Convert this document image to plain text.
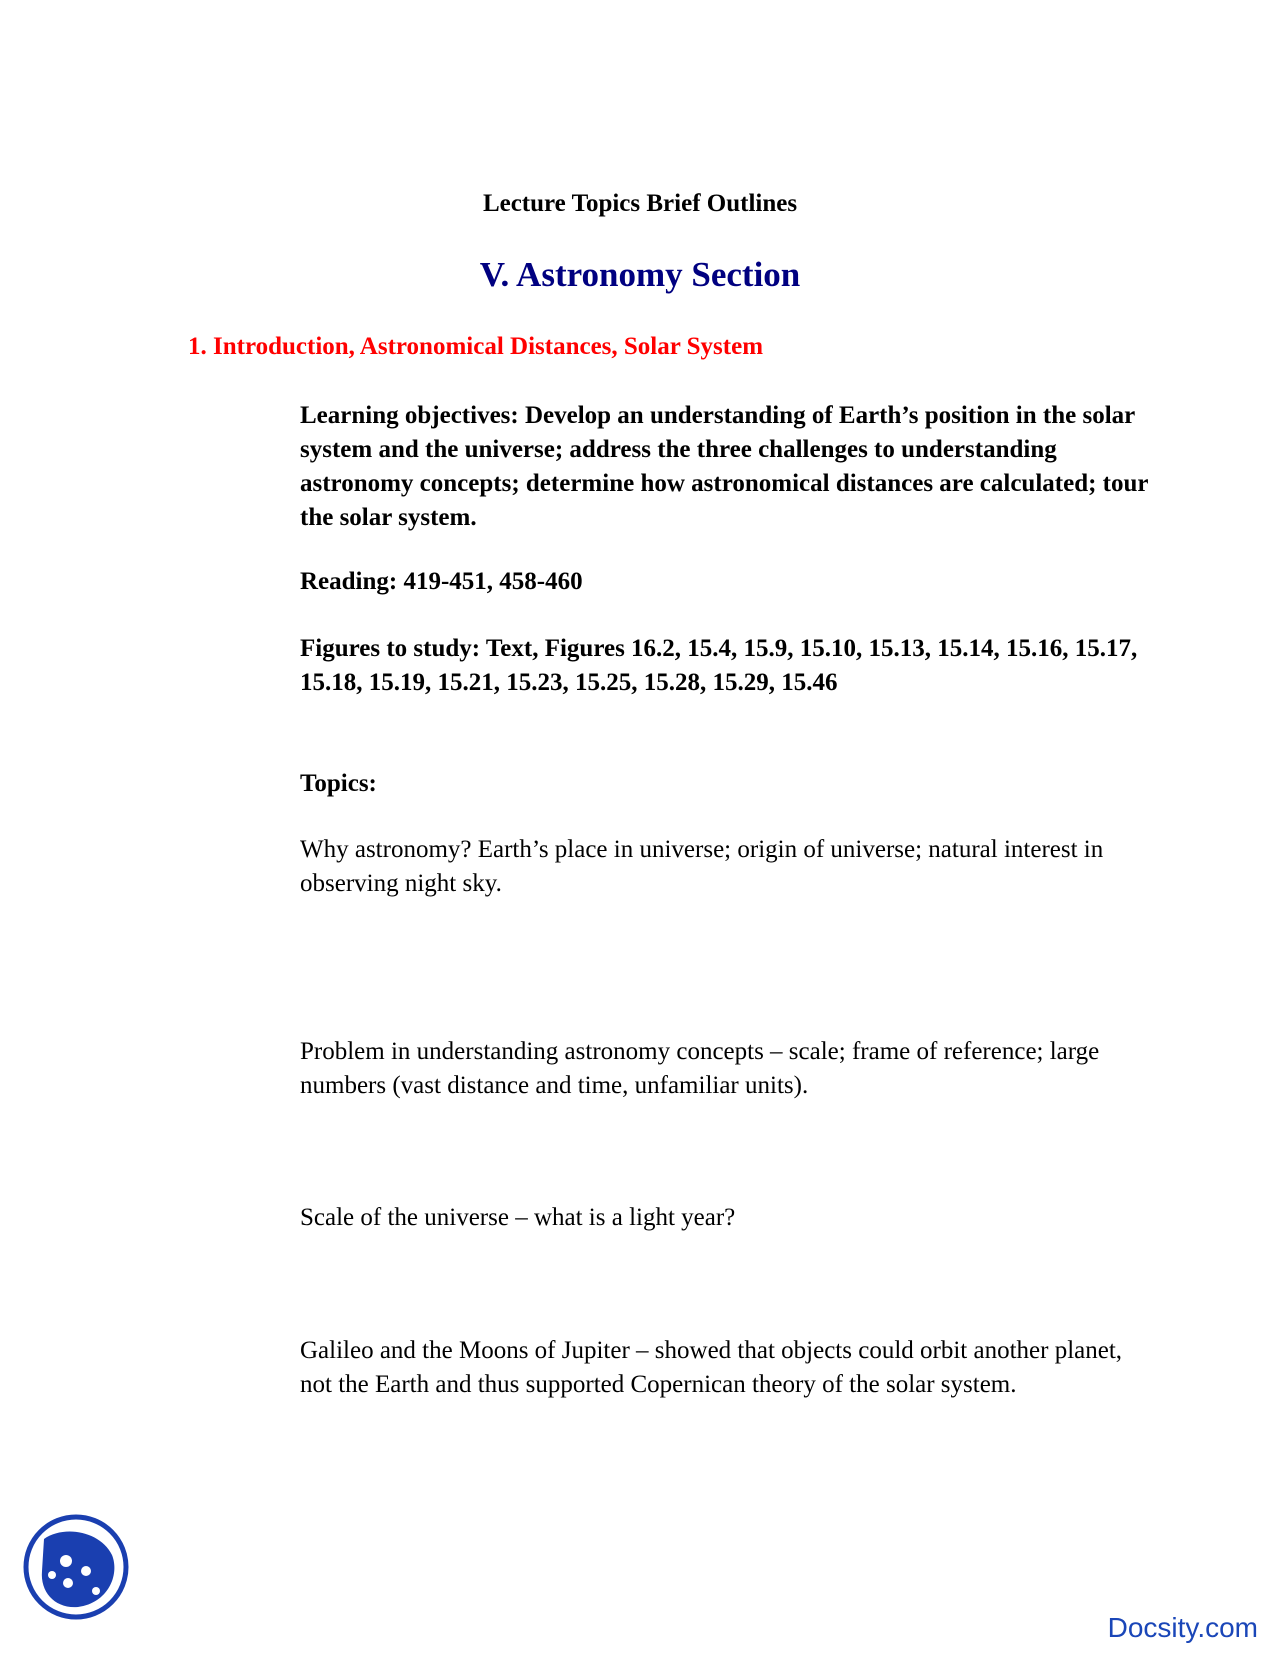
Lecture Topics Brief Outlines
V. Astronomy Section
1. Introduction, Astronomical Distances, Solar System
Learning objectives: Develop an understanding of Earth’s position in the solar system and the universe; address the three challenges to understanding astronomy concepts; determine how astronomical distances are calculated; tour the solar system.
Reading: 419-451, 458-460
Figures to study: Text, Figures 16.2, 15.4, 15.9, 15.10, 15.13, 15.14, 15.16, 15.17, 15.18, 15.19, 15.21, 15.23, 15.25, 15.28, 15.29, 15.46
Topics:
Why astronomy? Earth’s place in universe; origin of universe; natural interest in observing night sky.
Problem in understanding astronomy concepts – scale; frame of reference; large numbers (vast distance and time, unfamiliar units).
Scale of the universe – what is a light year?
Galileo and the Moons of Jupiter – showed that objects could orbit another planet, not the Earth and thus supported Copernican theory of the solar system.
Docsity.com
